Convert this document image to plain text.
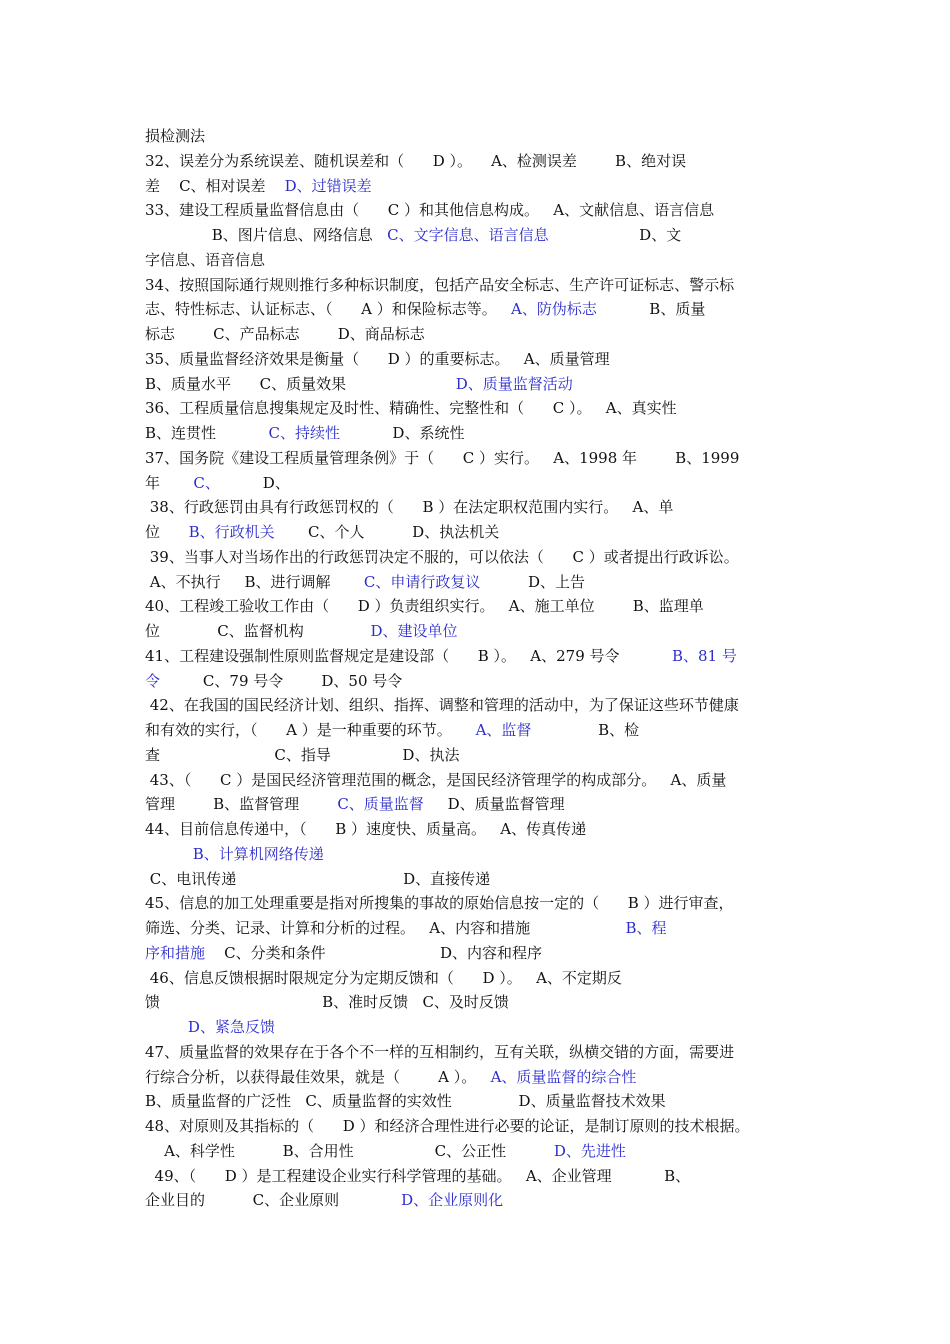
损检测法
32、误差分为系统误差、随机误差和（      D ）。    A、检测误差        B、绝对误
差    C、相对误差    D、过错误差
33、建设工程质量监督信息由（      C ）和其他信息构成。   A、文献信息、语言信息
B、图片信息、网络信息   C、文字信息、语言信息                   D、文
字信息、语音信息
34、按照国际通行规则推行多种标识制度，包括产品安全标志、生产许可证标志、警示标
志、特性标志、认证标志、（      A ）和保险标志等。   A、防伪标志           B、质量
标志        C、产品标志        D、商品标志
35、质量监督经济效果是衡量（      D ）的重要标志。   A、质量管理
B、质量水平      C、质量效果                       D、质量监督活动
36、工程质量信息搜集规定及时性、精确性、完整性和（      C ）。   A、真实性
B、连贯性           C、持续性           D、系统性
37、国务院《建设工程质量管理条例》于（      C ）实行。   A、1998 年        B、1999
年       C、         D、
38、行政惩罚由具有行政惩罚权的（      B ）在法定职权范围内实行。   A、单
位      B、行政机关       C、个人          D、执法机关
39、当事人对当场作出的行政惩罚决定不服的，可以依法（      C ）或者提出行政诉讼。
A、不执行     B、进行调解       C、申请行政复议          D、上告
40、工程竣工验收工作由（      D ）负责组织实行。   A、施工单位        B、监理单
位            C、监督机构              D、建设单位
41、工程建设强制性原则监督规定是建设部（      B ）。   A、279 号令           B、81 号
令         C、79 号令        D、50 号令
42、在我国的国民经济计划、组织、指挥、调整和管理的活动中，为了保证这些环节健康
和有效的实行，（      A ）是一种重要的环节。     A、监督              B、检
查                        C、指导               D、执法
43、（      C ）是国民经济管理范围的概念，是国民经济管理学的构成部分。   A、质量
管理        B、监督管理        C、质量监督     D、质量监督管理
44、目前信息传递中，（      B ）速度快、质量高。   A、传真传递
B、计算机网络传递
C、电讯传递                                   D、直接传递
45、信息的加工处理重要是指对所搜集的事故的原始信息按一定的（      B ）进行审查，
筛选、分类、记录、计算和分析的过程。   A、内容和措施                    B、程
序和措施    C、分类和条件                        D、内容和程序
46、信息反馈根据时限规定分为定期反馈和（      D ）。   A、不定期反
馈                                  B、准时反馈   C、及时反馈
D、紧急反馈
47、质量监督的效果存在于各个不一样的互相制约，互有关联，纵横交错的方面，需要进
行综合分析，以获得最佳效果，就是（        A ）。   A、质量监督的综合性
B、质量监督的广泛性   C、质量监督的实效性              D、质量监督技术效果
48、对原则及其指标的（      D ）和经济合理性进行必要的论证，是制订原则的技术根据。
A、科学性          B、合用性                 C、公正性          D、先进性
49、（      D ）是工程建设企业实行科学管理的基础。   A、企业管理           B、
企业目的          C、企业原则             D、企业原则化
